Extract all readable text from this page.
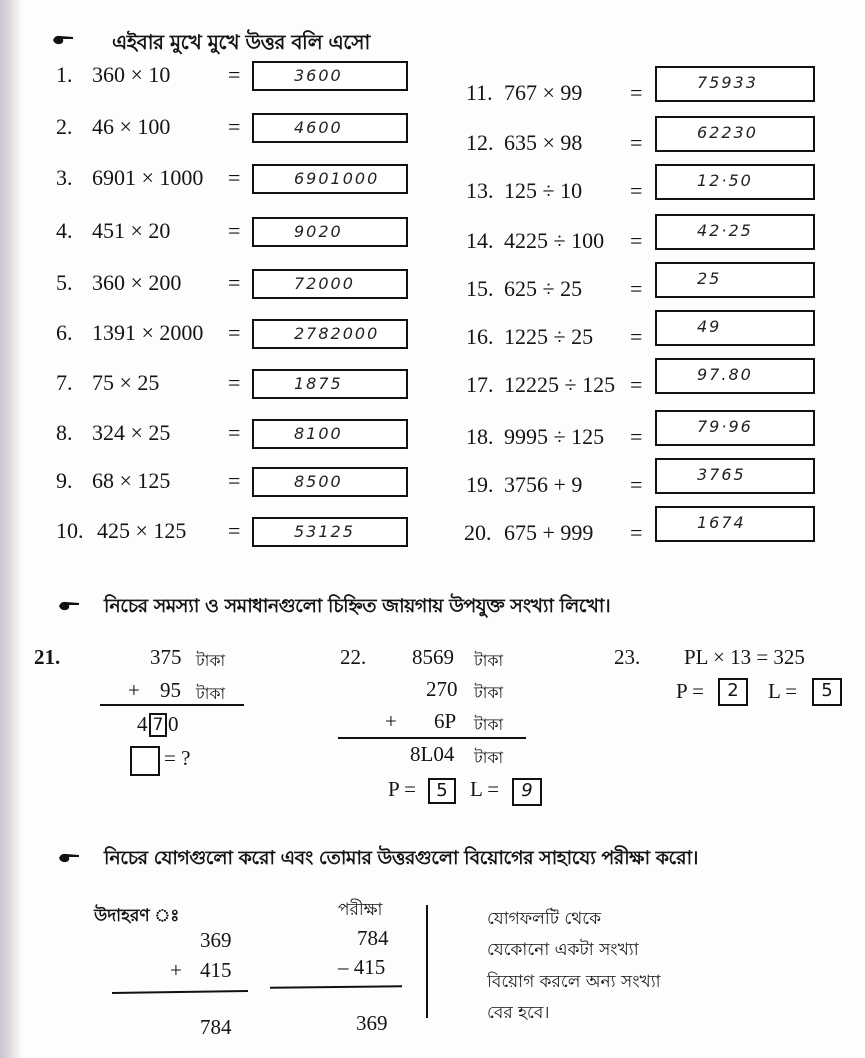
এইবার মুখে মুখে উত্তর বলি এসো
1. 360 × 10	=	3600
2. 46 × 100	=	4600
3. 6901 × 1000 =	6901000
4. 451 × 20	=	9020
5. 360 × 200 =	72000
6. 1391 × 2000 =	2782000
7. 75 × 25	=	1875
8. 324 × 25	=	8100
9. 68 × 125	=	8500
10. 425 × 125 =	53125
11. 767 × 99 =	75933
12. 635 × 98 =	62230
13. 125 ÷ 10 =	12·50
14. 4225 ÷ 100 =	42·25
15. 625 ÷ 25 =	25
16. 1225 ÷ 25 =	49
17. 12225 ÷ 125 =	97.80
18. 9995 ÷ 125 =	79·96
19. 3756 + 9 =	3765
20. 675 + 999 =	1674
নিচের সমস্যা ও সমাধানগুলো চিহ্নিত জায়গায় উপযুক্ত সংখ্যা লিখো।
21.	375 টাকা
+ 95 টাকা
4 7 0
= ?
22. 8569 টাকা
270 টাকা
+ 6P টাকা
8L04 টাকা
P =	5	L =	9
23. PL × 13 = 325
P =	2	L =	5
নিচের যোগগুলো করো এবং তোমার উত্তরগুলো বিয়োগের সাহায্যে পরীক্ষা করো।
উদাহরণ ঃ
369
+ 415
784
পরীক্ষা
784
– 415
369
যোগফলটি থেকে
যেকোনো একটা সংখ্যা
বিয়োগ করলে অন্য সংখ্যা
বের হবে।
